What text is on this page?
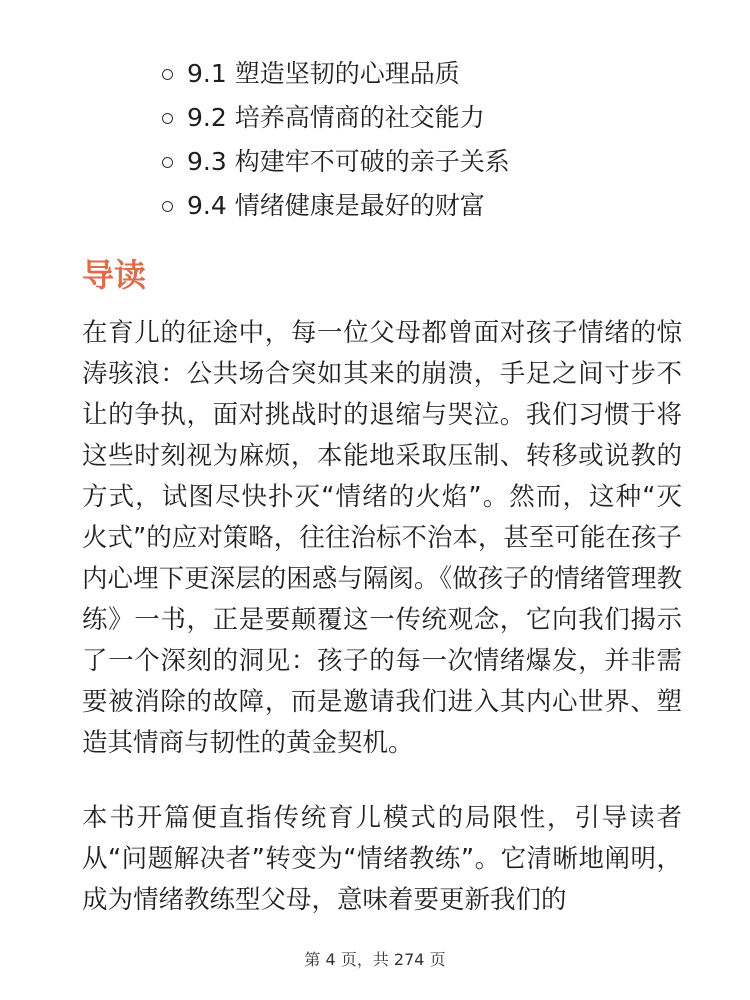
9.1 塑造坚韧的心理品质
9.2 培养高情商的社交能力
9.3 构建牢不可破的亲子关系
9.4 情绪健康是最好的财富
导读

在育儿的征途中，每一位父母都曾面对孩子情绪的惊涛骇浪：公共场合突如其来的崩溃，手足之间寸步不让的争执，面对挑战时的退缩与哭泣。我们习惯于将这些时刻视为麻烦，本能地采取压制、转移或说教的方式，试图尽快扑灭“情绪的火焰”。然而，这种“灭火式”的应对策略，往往治标不治本，甚至可能在孩子内心埋下更深层的困惑与隔阂。《做孩子的情绪管理教练》一书，正是要颠覆这一传统观念，它向我们揭示了一个深刻的洞见：孩子的每一次情绪爆发，并非需要被消除的故障，而是邀请我们进入其内心世界、塑造其情商与韧性的黄金契机。

本书开篇便直指传统育儿模式的局限性，引导读者从“问题解决者”转变为“情绪教练”。它清晰地阐明，成为情绪教练型父母，意味着要更新我们的

第 4 页，共 274 页
